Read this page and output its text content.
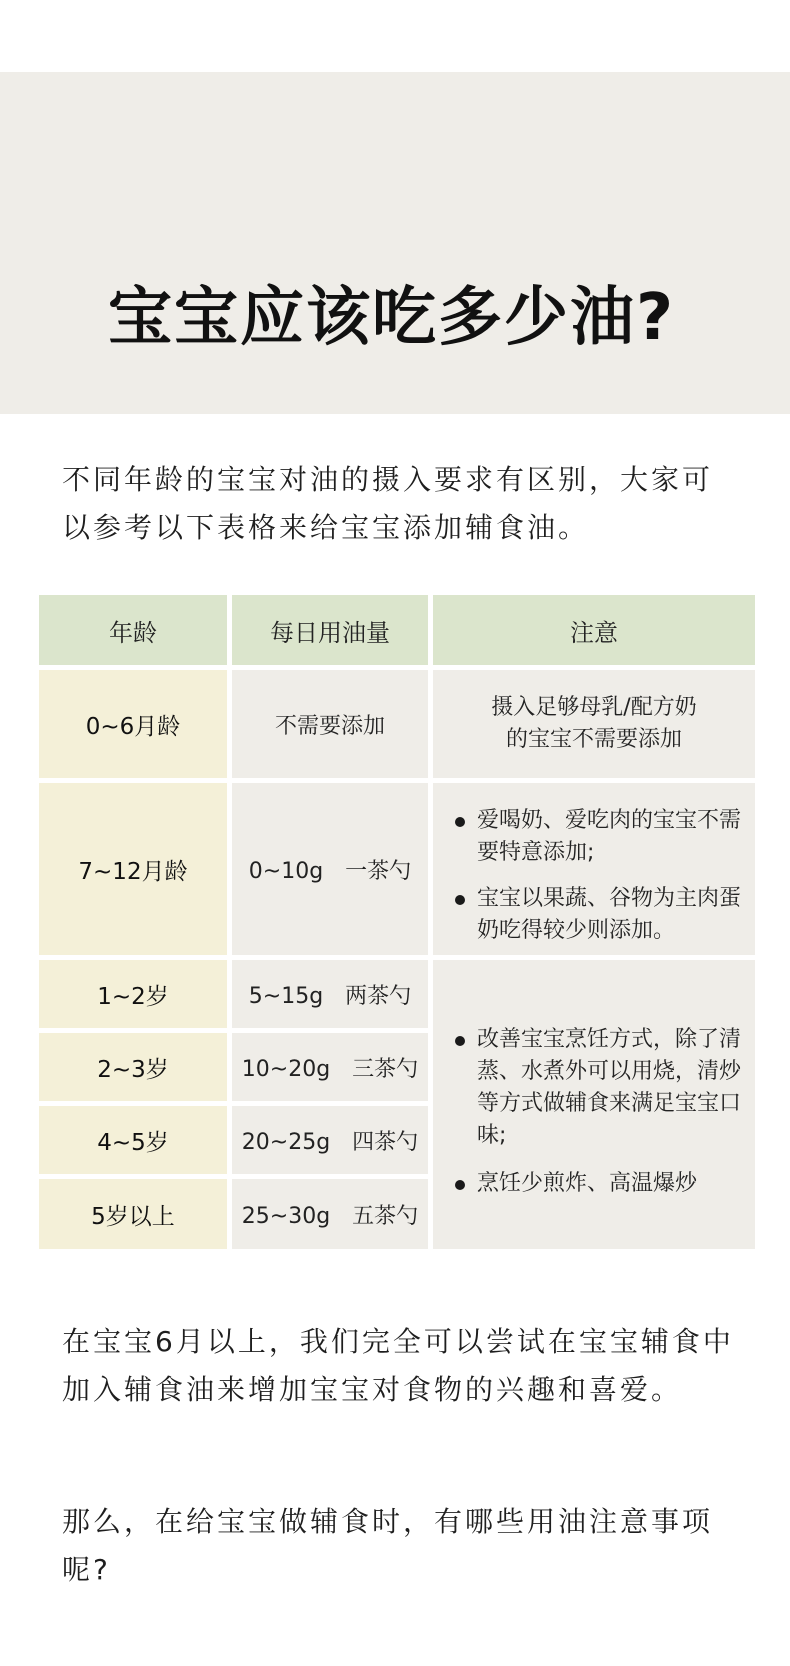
宝宝应该吃多少油?

不同年龄的宝宝对油的摄入要求有区别，大家可以参考以下表格来给宝宝添加辅食油。

年龄	每日用油量	注意
0~6月龄	不需要添加
摄入足够母乳/配方奶
的宝宝不需要添加
7~12月龄	0~10g　一茶勺
爱喝奶、爱吃肉的宝宝不需要特意添加;
宝宝以果蔬、谷物为主肉蛋奶吃得较少则添加。
1~2岁	5~15g　两茶勺
2~3岁	10~20g　三茶勺
4~5岁	20~25g　四茶勺
5岁以上	25~30g　五茶勺
改善宝宝烹饪方式，除了清蒸、水煮外可以用烧，清炒等方式做辅食来满足宝宝口味;
烹饪少煎炸、高温爆炒

在宝宝6月以上，我们完全可以尝试在宝宝辅食中加入辅食油来增加宝宝对食物的兴趣和喜爱。

那么，在给宝宝做辅食时，有哪些用油注意事项呢?
